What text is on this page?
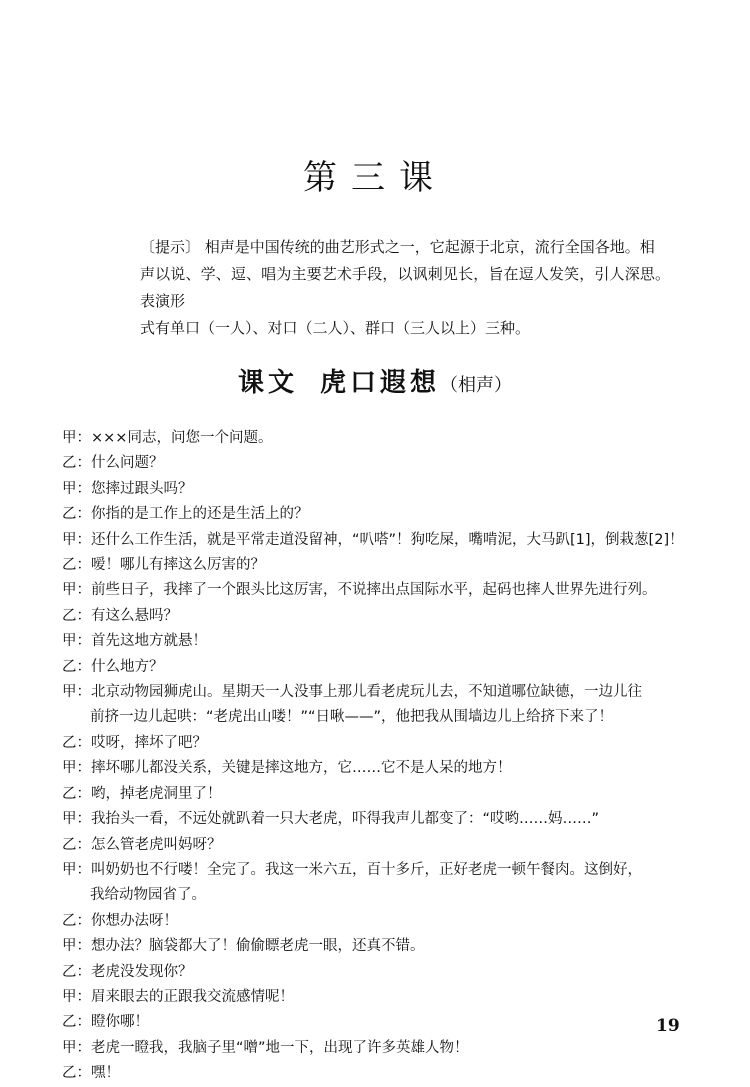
第三课
〔提示〕 相声是中国传统的曲艺形式之一，它起源于北京，流行全国各地。相
声以说、学、逗、唱为主要艺术手段，以讽刺见长，旨在逗人发笑，引人深思。表演形
式有单口（一人）、对口（二人）、群口（三人以上）三种。
课文 虎口遐想（相声）
甲： ×××同志，问您一个问题。
乙： 什么问题？
甲： 您摔过跟头吗？
乙： 你指的是工作上的还是生活上的？
甲： 还什么工作生活，就是平常走道没留神，“叭嗒”！狗吃屎，嘴啃泥，大马趴[1]，倒栽葱[2]！
乙： 嗳！哪儿有摔这么厉害的？
甲： 前些日子，我摔了一个跟头比这厉害，不说摔出点国际水平，起码也摔人世界先进行列。
乙： 有这么悬吗？
甲： 首先这地方就悬！
乙： 什么地方？
甲： 北京动物园狮虎山。星期天一人没事上那儿看老虎玩儿去，不知道哪位缺德，一边儿往
前挤一边儿起哄：“老虎出山喽！”“日啾——”，他把我从围墙边儿上给挤下来了！
乙： 哎呀，摔坏了吧？
甲： 摔坏哪儿都没关系，关键是摔这地方，它……它不是人呆的地方！
乙： 哟，掉老虎洞里了！
甲： 我抬头一看，不远处就趴着一只大老虎，吓得我声儿都变了：“哎哟……妈……”
乙： 怎么管老虎叫妈呀？
甲： 叫奶奶也不行喽！全完了。我这一米六五，百十多斤，正好老虎一顿午餐肉。这倒好，
我给动物园省了。
乙： 你想办法呀！
甲： 想办法？脑袋都大了！偷偷瞟老虎一眼，还真不错。
乙： 老虎没发现你？
甲： 眉来眼去的正跟我交流感情呢！
乙： 瞪你哪！
甲： 老虎一瞪我，我脑子里“噌”地一下，出现了许多英雄人物！
乙： 嘿！
19
